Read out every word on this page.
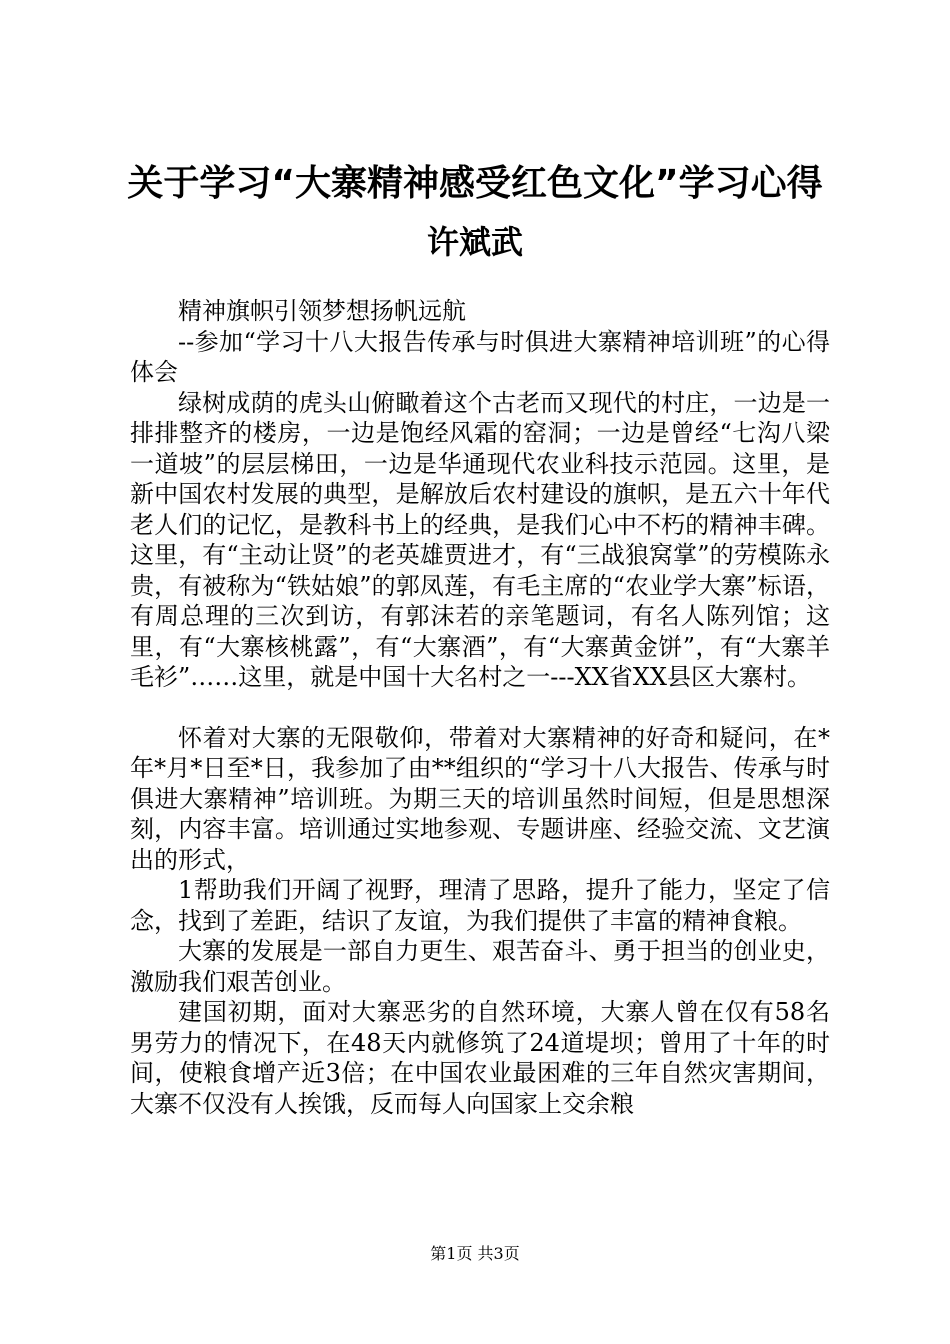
关于学习“大寨精神感受红色文化”学习心得
许斌武

精神旗帜引领梦想扬帆远航

--参加“学习十八大报告传承与时俱进大寨精神培训班”的心得体会

绿树成荫的虎头山俯瞰着这个古老而又现代的村庄，一边是一排排整齐的楼房，一边是饱经风霜的窑洞；一边是曾经“七沟八梁一道坡”的层层梯田，一边是华通现代农业科技示范园。这里，是新中国农村发展的典型，是解放后农村建设的旗帜，是五六十年代老人们的记忆，是教科书上的经典，是我们心中不朽的精神丰碑。这里，有“主动让贤”的老英雄贾进才，有“三战狼窝掌”的劳模陈永贵，有被称为“铁姑娘”的郭凤莲，有毛主席的“农业学大寨”标语，有周总理的三次到访，有郭沫若的亲笔题词，有名人陈列馆；这里，有“大寨核桃露”，有“大寨酒”，有“大寨黄金饼”，有“大寨羊毛衫”……这里，就是中国十大名村之一---XX省XX县区大寨村。

怀着对大寨的无限敬仰，带着对大寨精神的好奇和疑问，在*年*月*日至*日，我参加了由**组织的“学习十八大报告、传承与时俱进大寨精神”培训班。为期三天的培训虽然时间短，但是思想深刻，内容丰富。培训通过实地参观、专题讲座、经验交流、文艺演出的形式，

1帮助我们开阔了视野，理清了思路，提升了能力，坚定了信念，找到了差距，结识了友谊，为我们提供了丰富的精神食粮。

大寨的发展是一部自力更生、艰苦奋斗、勇于担当的创业史，激励我们艰苦创业。

建国初期，面对大寨恶劣的自然环境，大寨人曾在仅有58名男劳力的情况下，在48天内就修筑了24道堤坝；曾用了十年的时间，使粮食增产近3倍；在中国农业最困难的三年自然灾害期间，大寨不仅没有人挨饿，反而每人向国家上交余粮

第1页 共3页
